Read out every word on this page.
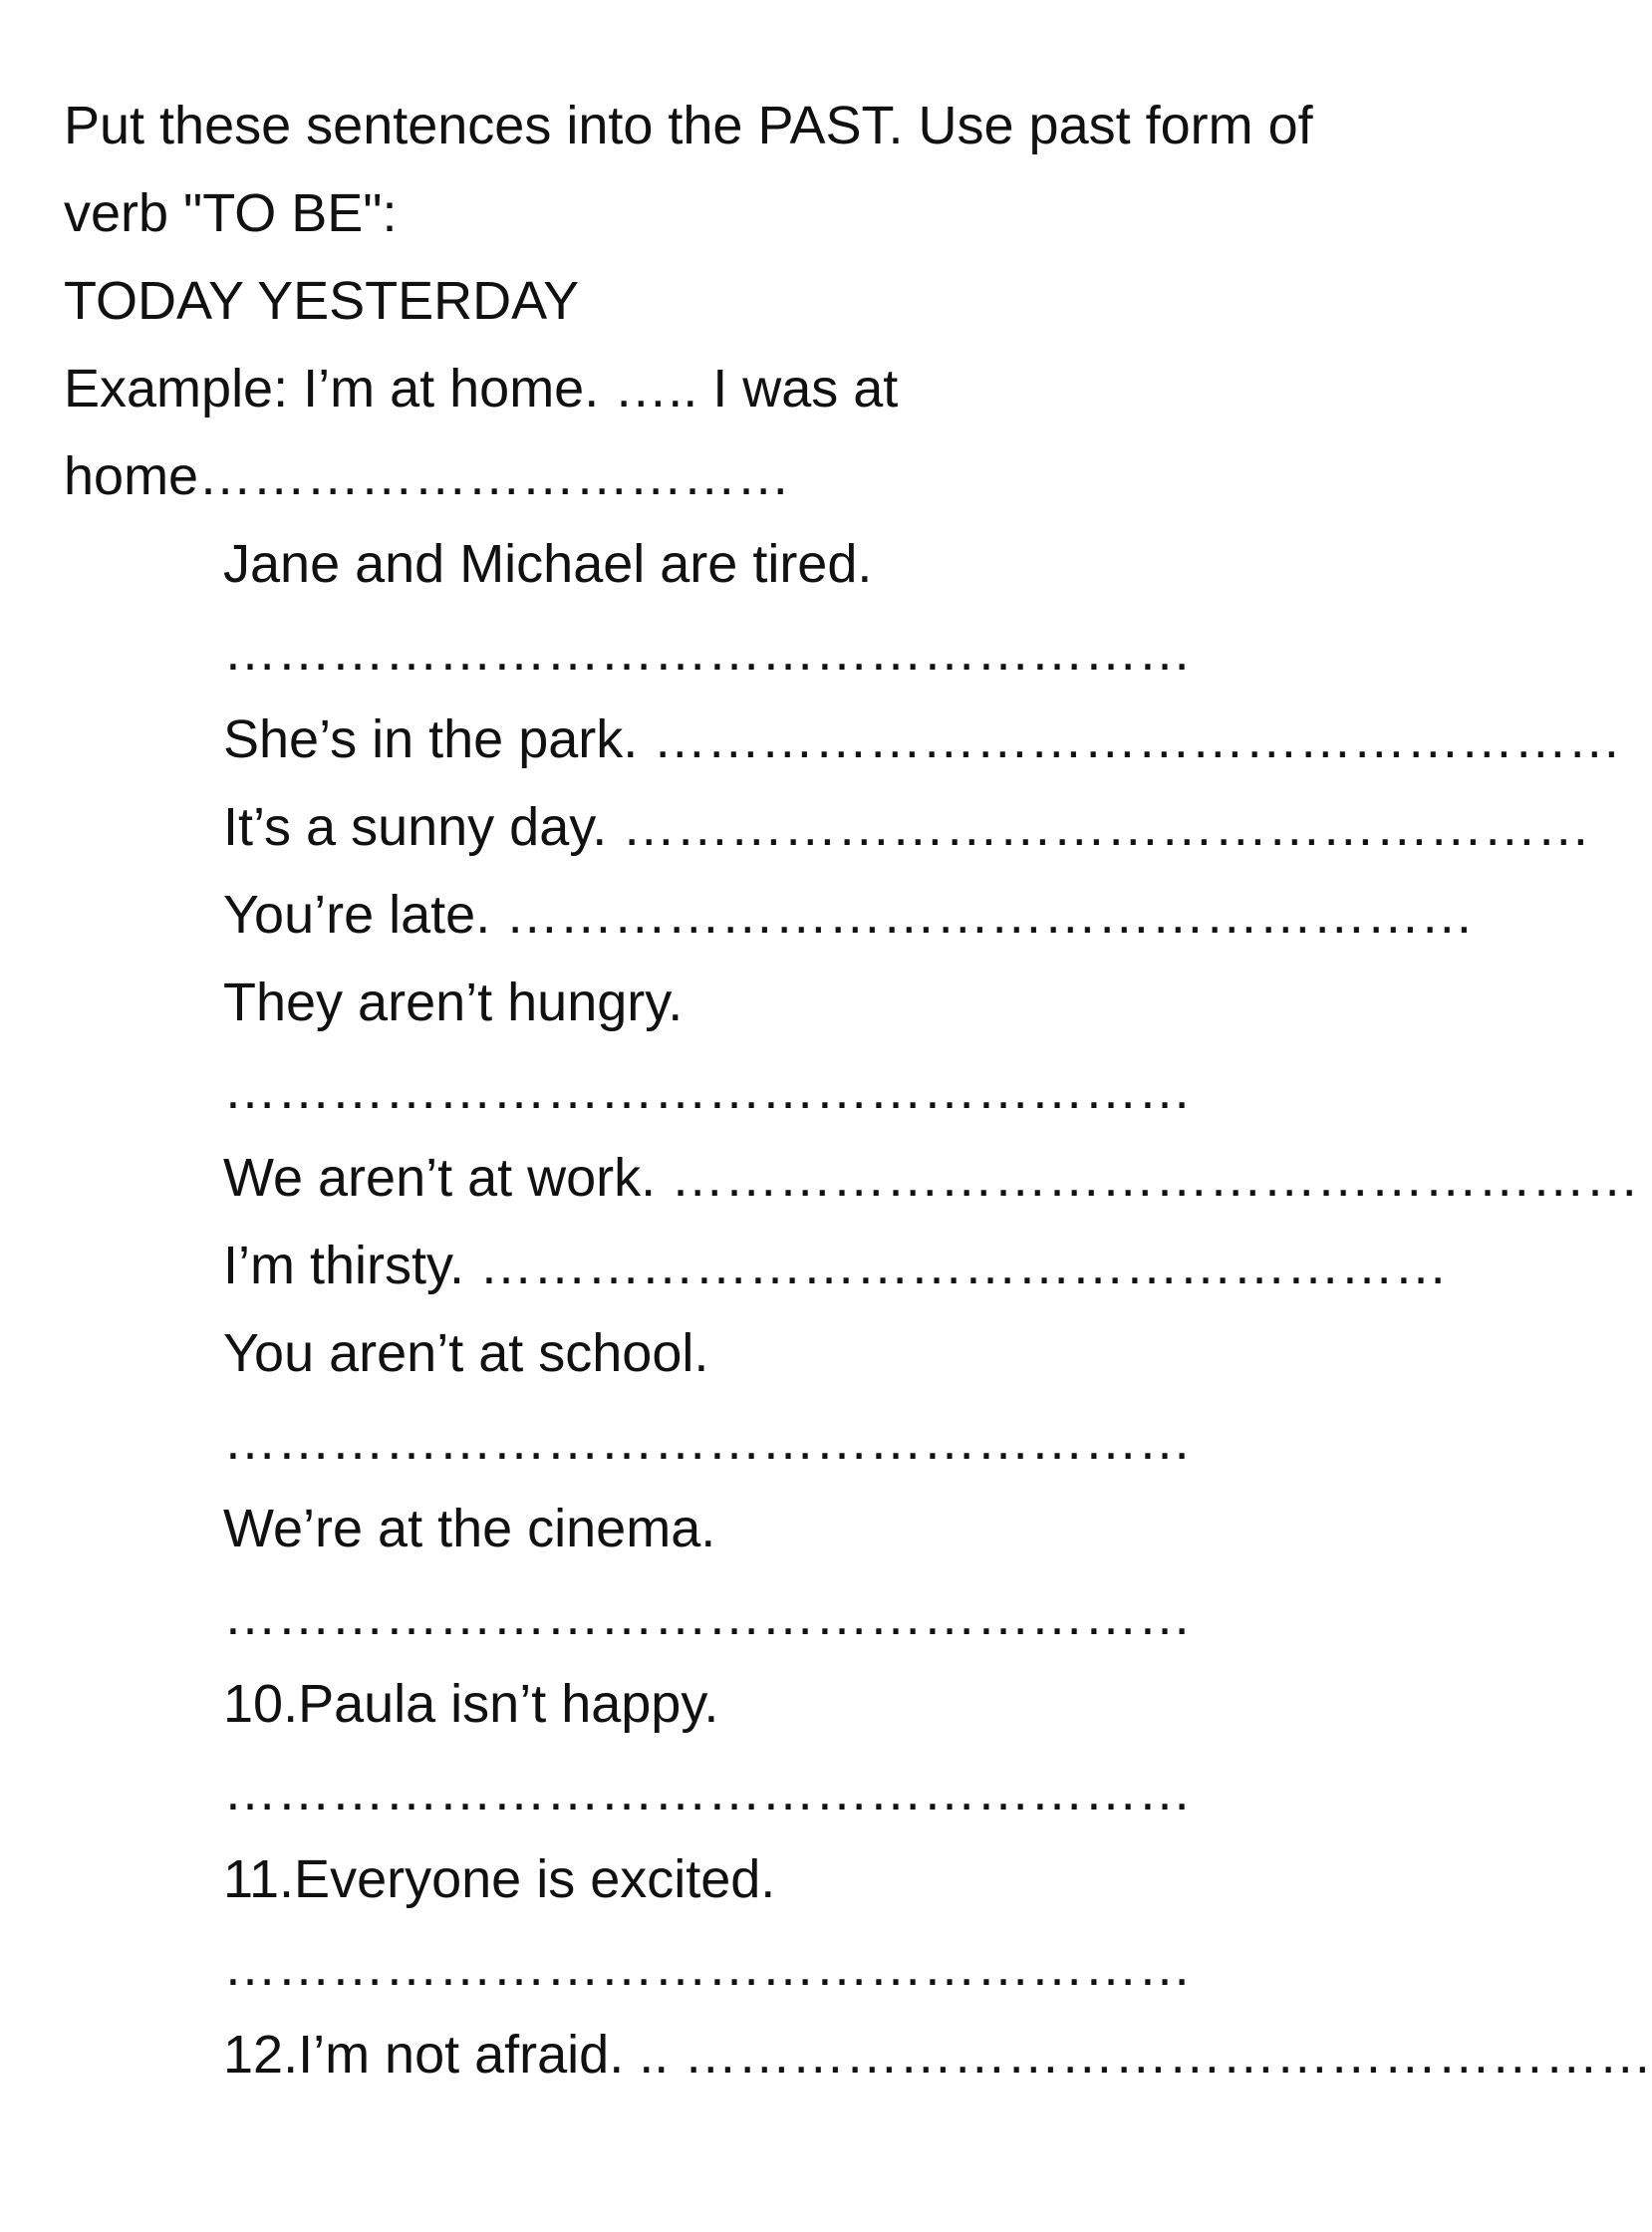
Put these sentences into the PAST. Use past form of
verb "TO BE":
TODAY YESTERDAY
Example: I’m at home. ….. I was at
home……………………………
Jane and Michael are tired.
………………………………………………
She’s in the park. ………………………………………………
It’s a sunny day. ………………………………………………
You’re late. ………………………………………………
They aren’t hungry.
………………………………………………
We aren’t at work. ………………………………………………
I’m thirsty. ………………………………………………
You aren’t at school.
………………………………………………
We’re at the cinema.
………………………………………………
10.Paula isn’t happy.
………………………………………………
11.Everyone is excited.
………………………………………………
12.I’m not afraid. .. ………………………………………………
